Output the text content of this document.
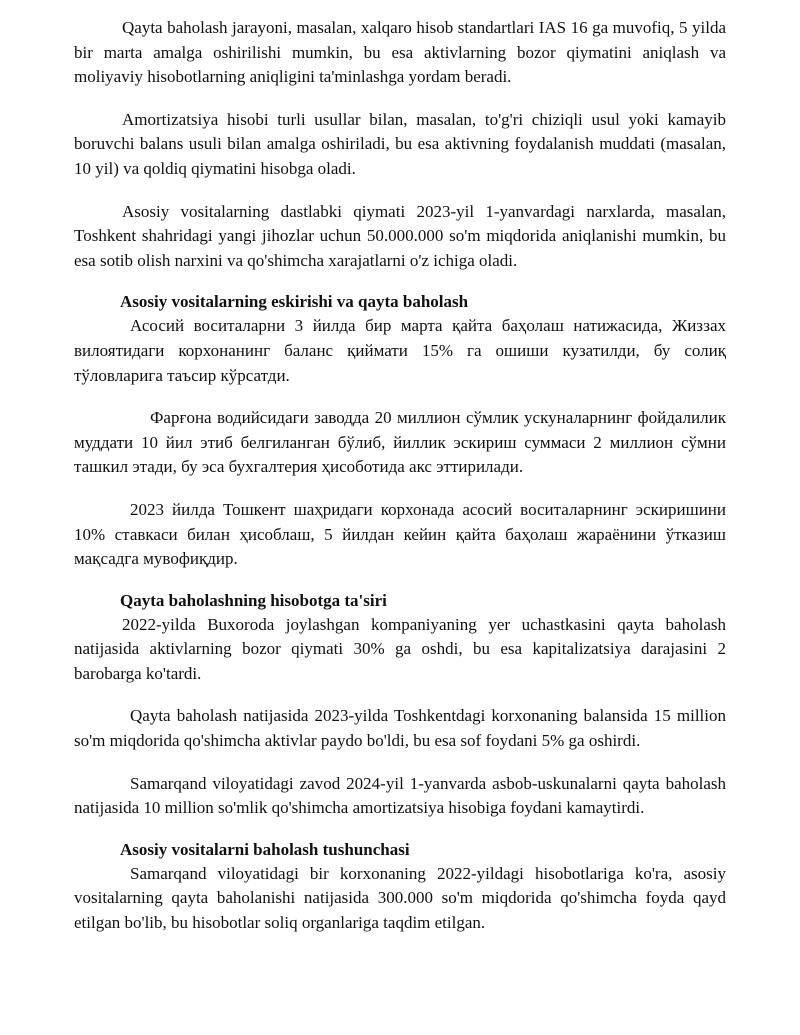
Qayta baholash jarayoni, masalan, xalqaro hisob standartlari IAS 16 ga muvofiq, 5 yilda bir marta amalga oshirilishi mumkin, bu esa aktivlarning bozor qiymatini aniqlash va moliyaviy hisobotlarning aniqligini ta'minlashga yordam beradi.

Amortizatsiya hisobi turli usullar bilan, masalan, to'g'ri chiziqli usul yoki kamayib boruvchi balans usuli bilan amalga oshiriladi, bu esa aktivning foydalanish muddati (masalan, 10 yil) va qoldiq qiymatini hisobga oladi.

Asosiy vositalarning dastlabki qiymati 2023-yil 1-yanvardagi narxlarda, masalan, Toshkent shahridagi yangi jihozlar uchun 50.000.000 so'm miqdorida aniqlanishi mumkin, bu esa sotib olish narxini va qo'shimcha xarajatlarni o'z ichiga oladi.

Asosiy vositalarning eskirishi va qayta baholash

Асосий воситаларни 3 йилда бир марта қайта баҳолаш натижасида, Жиззах вилоятидаги корхонанинг баланс қиймати 15% га ошиши кузатилди, бу солиқ тўловларига таъсир кўрсатди.

Фарғона водийсидаги заводда 20 миллион сўмлик ускуналарнинг фойдалилик муддати 10 йил этиб белгиланган бўлиб, йиллик эскириш суммаси 2 миллион сўмни ташкил этади, бу эса бухгалтерия ҳисоботида акс эттирилади.

2023 йилда Тошкент шаҳридаги корхонада асосий воситаларнинг эскиришини 10% ставкаси билан ҳисоблаш, 5 йилдан кейин қайта баҳолаш жараёнини ўтказиш мақсадга мувофиқдир.

Qayta baholashning hisobotga ta'siri

2022-yilda Buxoroda joylashgan kompaniyaning yer uchastkasini qayta baholash natijasida aktivlarning bozor qiymati 30% ga oshdi, bu esa kapitalizatsiya darajasini 2 barobarga ko'tardi.

Qayta baholash natijasida 2023-yilda Toshkentdagi korxonaning balansida 15 million so'm miqdorida qo'shimcha aktivlar paydo bo'ldi, bu esa sof foydani 5% ga oshirdi.

Samarqand viloyatidagi zavod 2024-yil 1-yanvarda asbob-uskunalarni qayta baholash natijasida 10 million so'mlik qo'shimcha amortizatsiya hisobiga foydani kamaytirdi.

Asosiy vositalarni baholash tushunchasi

Samarqand viloyatidagi bir korxonaning 2022-yildagi hisobotlariga ko'ra, asosiy vositalarning qayta baholanishi natijasida 300.000 so'm miqdorida qo'shimcha foyda qayd etilgan bo'lib, bu hisobotlar soliq organlariga taqdim etilgan.
